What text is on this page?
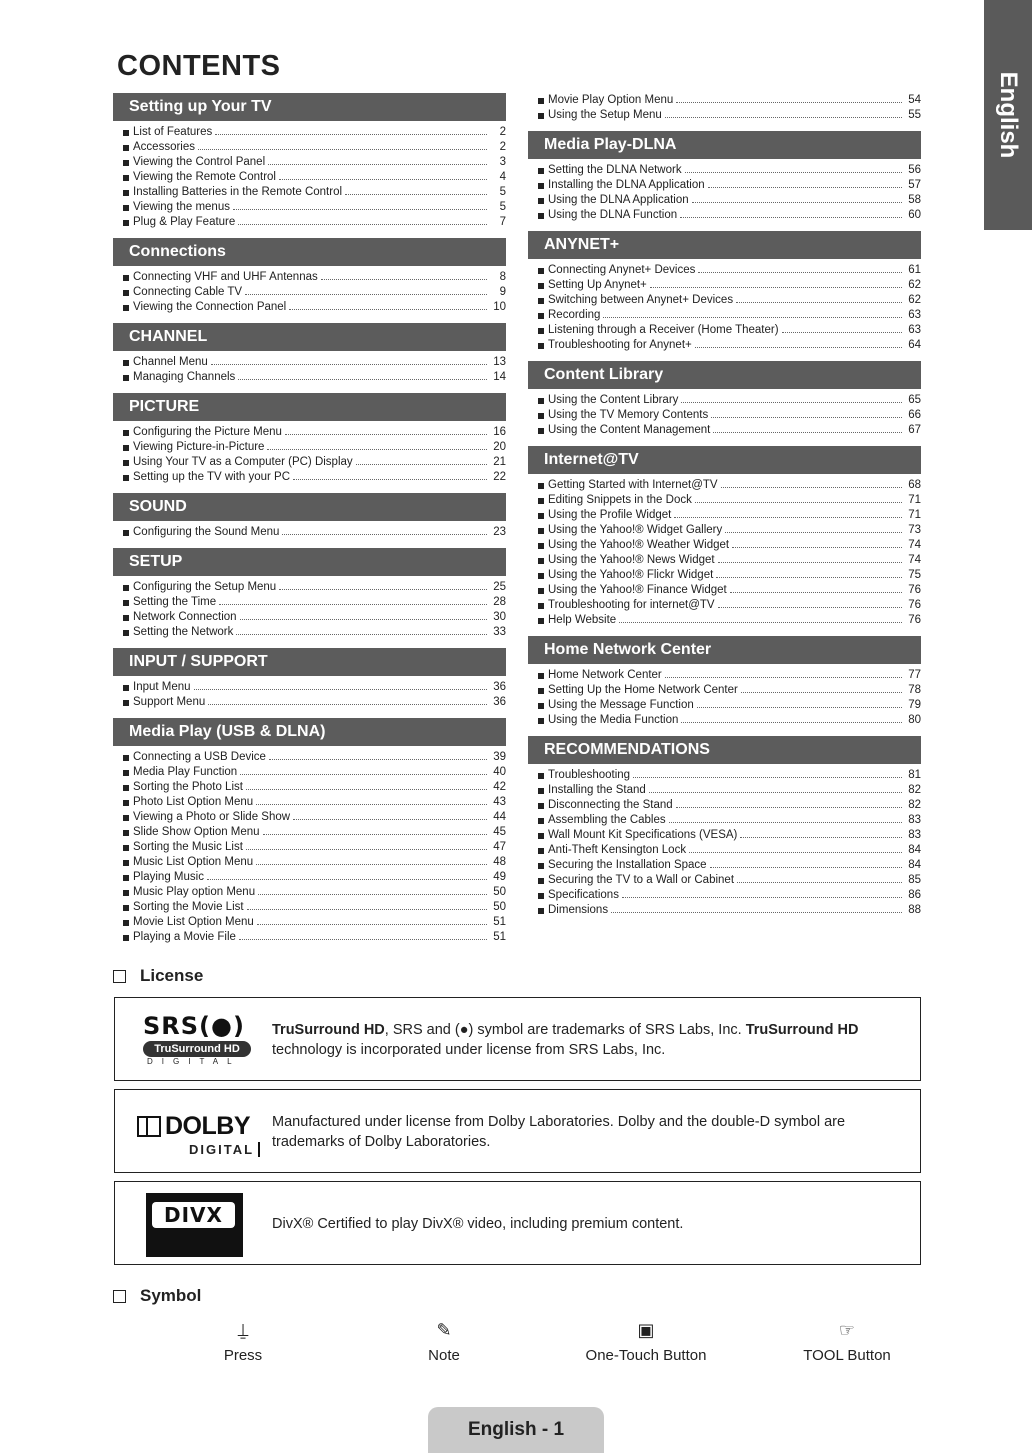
CONTENTS
English
Setting up Your TV
List of Features	2
Accessories	2
Viewing the Control Panel	3
Viewing the Remote Control	4
Installing Batteries in the Remote Control	5
Viewing the menus	5
Plug & Play Feature	7
Connections
Connecting VHF and UHF Antennas	8
Connecting Cable TV	9
Viewing the Connection Panel	10
CHANNEL
Channel Menu	13
Managing Channels	14
PICTURE
Configuring the Picture Menu	16
Viewing Picture-in-Picture	20
Using Your TV as a Computer (PC) Display	21
Setting up the TV with your PC	22
SOUND
Configuring the Sound Menu	23
SETUP
Configuring the Setup Menu	25
Setting the Time	28
Network Connection	30
Setting the Network	33
INPUT / SUPPORT
Input Menu	36
Support Menu	36
Media Play (USB & DLNA)
Connecting a USB Device	39
Media Play Function	40
Sorting the Photo List	42
Photo List Option Menu	43
Viewing a Photo or Slide Show	44
Slide Show Option Menu	45
Sorting the Music List	47
Music List Option Menu	48
Playing Music	49
Music Play option Menu	50
Sorting the Movie List	50
Movie List Option Menu	51
Playing a Movie File	51
Movie Play Option Menu	54
Using the Setup Menu	55
Media Play-DLNA
Setting the DLNA Network	56
Installing the DLNA Application	57
Using the DLNA Application	58
Using the DLNA Function	60
ANYNET+
Connecting Anynet+ Devices	61
Setting Up Anynet+	62
Switching between Anynet+ Devices	62
Recording	63
Listening through a Receiver (Home Theater)	63
Troubleshooting for Anynet+	64
Content Library
Using the Content Library	65
Using the TV Memory Contents	66
Using the Content Management	67
Internet@TV
Getting Started with Internet@TV	68
Editing Snippets in the Dock	71
Using the Profile Widget	71
Using the Yahoo!® Widget Gallery	73
Using the Yahoo!® Weather Widget	74
Using the Yahoo!® News Widget	74
Using the Yahoo!® Flickr Widget	75
Using the Yahoo!® Finance Widget	76
Troubleshooting for internet@TV	76
Help Website	76
Home Network Center
Home Network Center	77
Setting Up the Home Network Center	78
Using the Message Function	79
Using the Media Function	80
RECOMMENDATIONS
Troubleshooting	81
Installing the Stand	82
Disconnecting the Stand	82
Assembling the Cables	83
Wall Mount Kit Specifications (VESA)	83
Anti-Theft Kensington Lock	84
Securing the Installation Space	84
Securing the TV to a Wall or Cabinet	85
Specifications	86
Dimensions	88
License
SRS(●)
TruSurround HD
DIGITAL
TruSurround HD, SRS and (●) symbol are trademarks of SRS Labs, Inc. TruSurround HD technology is incorporated under license from SRS Labs, Inc.
DOLBY
DIGITAL
Manufactured under license from Dolby Laboratories. Dolby and the double-D symbol are trademarks of Dolby Laboratories.
DIVX	DivX® Certified to play DivX® video, including premium content.
Symbol
⍊
Press
✎
Note
▣
One-Touch Button
☞
TOOL Button
English - 1
